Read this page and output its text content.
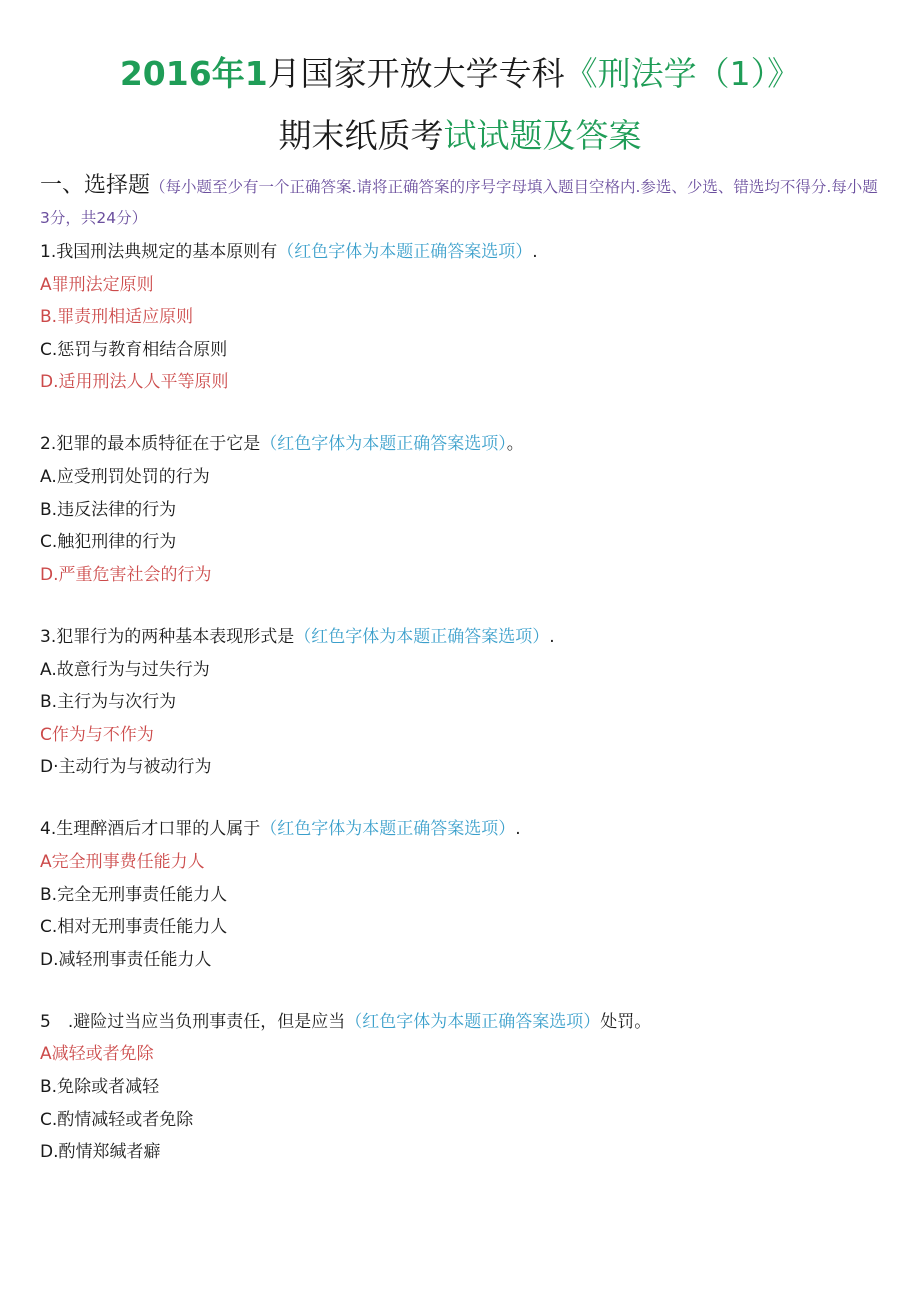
2016年1月国家开放大学专科《刑法学（1）》
期末纸质考试试题及答案
一、选择题（每小题至少有一个正确答案.请将正确答案的序号字母填入题目空格内.参选、少选、错选均不得分.每小题3分，共24分）
1.我国刑法典规定的基本原则有（红色字体为本题正确答案选项）.
A罪刑法定原则
B.罪责刑相适应原则
C.惩罚与教育相结合原则
D.适用刑法人人平等原则
2.犯罪的最本质特征在于它是（红色字体为本题正确答案选项）。
A.应受刑罚处罚的行为
B.违反法律的行为
C.触犯刑律的行为
D.严重危害社会的行为
3.犯罪行为的两种基本表现形式是（红色字体为本题正确答案选项）.
A.故意行为与过失行为
B.主行为与次行为
C作为与不作为
D·主动行为与被动行为
4.生理醉酒后才口罪的人属于（红色字体为本题正确答案选项）.
A完全刑事费任能力人
B.完全无刑事责任能力人
C.相对无刑事责任能力人
D.减轻刑事责任能力人
5　.避险过当应当负刑事责任，但是应当（红色字体为本题正确答案选项）处罚。
A减轻或者免除
B.免除或者减轻
C.酌情减轻或者免除
D.酌情郑缄者癖
